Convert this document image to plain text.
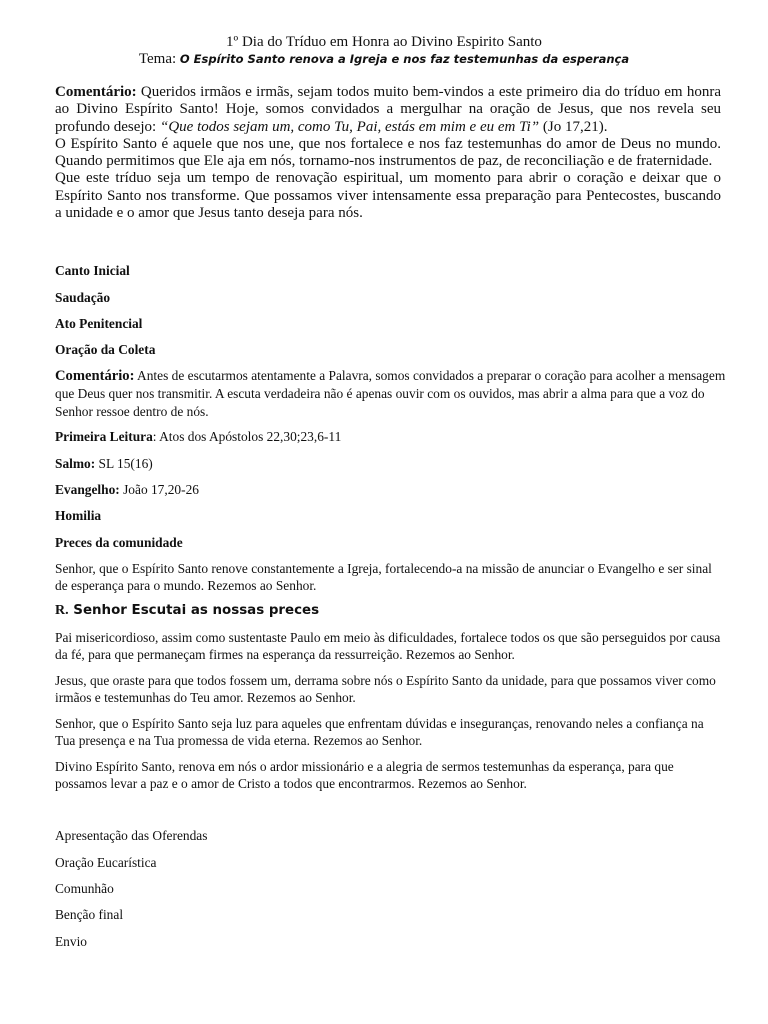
1º Dia do Tríduo em Honra ao Divino Espirito Santo
Tema: O Espírito Santo renova a Igreja e nos faz testemunhas da esperança

Comentário: Queridos irmãos e irmãs, sejam todos muito bem-vindos a este primeiro dia do tríduo em honra ao Divino Espírito Santo! Hoje, somos convidados a mergulhar na oração de Jesus, que nos revela seu profundo desejo: “Que todos sejam um, como Tu, Pai, estás em mim e eu em Ti” (Jo 17,21).

O Espírito Santo é aquele que nos une, que nos fortalece e nos faz testemunhas do amor de Deus no mundo. Quando permitimos que Ele aja em nós, tornamo-nos instrumentos de paz, de reconciliação e de fraternidade.

Que este tríduo seja um tempo de renovação espiritual, um momento para abrir o coração e deixar que o Espírito Santo nos transforme. Que possamos viver intensamente essa preparação para Pentecostes, buscando a unidade e o amor que Jesus tanto deseja para nós.

Canto Inicial
Saudação
Ato Penitencial
Oração da Coleta
Comentário: Antes de escutarmos atentamente a Palavra, somos convidados a preparar o coração para acolher a mensagem que Deus quer nos transmitir. A escuta verdadeira não é apenas ouvir com os ouvidos, mas abrir a alma para que a voz do Senhor ressoe dentro de nós.
Primeira Leitura: Atos dos Apóstolos 22,30;23,6-11
Salmo: SL 15(16)
Evangelho: João 17,20-26
Homilia
Preces da comunidade
Senhor, que o Espírito Santo renove constantemente a Igreja, fortalecendo-a na missão de anunciar o Evangelho e ser sinal de esperança para o mundo. Rezemos ao Senhor.
R. Senhor Escutai as nossas preces
Pai misericordioso, assim como sustentaste Paulo em meio às dificuldades, fortalece todos os que são perseguidos por causa da fé, para que permaneçam firmes na esperança da ressurreição. Rezemos ao Senhor.
Jesus, que oraste para que todos fossem um, derrama sobre nós o Espírito Santo da unidade, para que possamos viver como irmãos e testemunhas do Teu amor. Rezemos ao Senhor.
Senhor, que o Espírito Santo seja luz para aqueles que enfrentam dúvidas e inseguranças, renovando neles a confiança na Tua presença e na Tua promessa de vida eterna. Rezemos ao Senhor.
Divino Espírito Santo, renova em nós o ardor missionário e a alegria de sermos testemunhas da esperança, para que possamos levar a paz e o amor de Cristo a todos que encontrarmos. Rezemos ao Senhor.
Apresentação das Oferendas
Oração Eucarística
Comunhão
Benção final
Envio
